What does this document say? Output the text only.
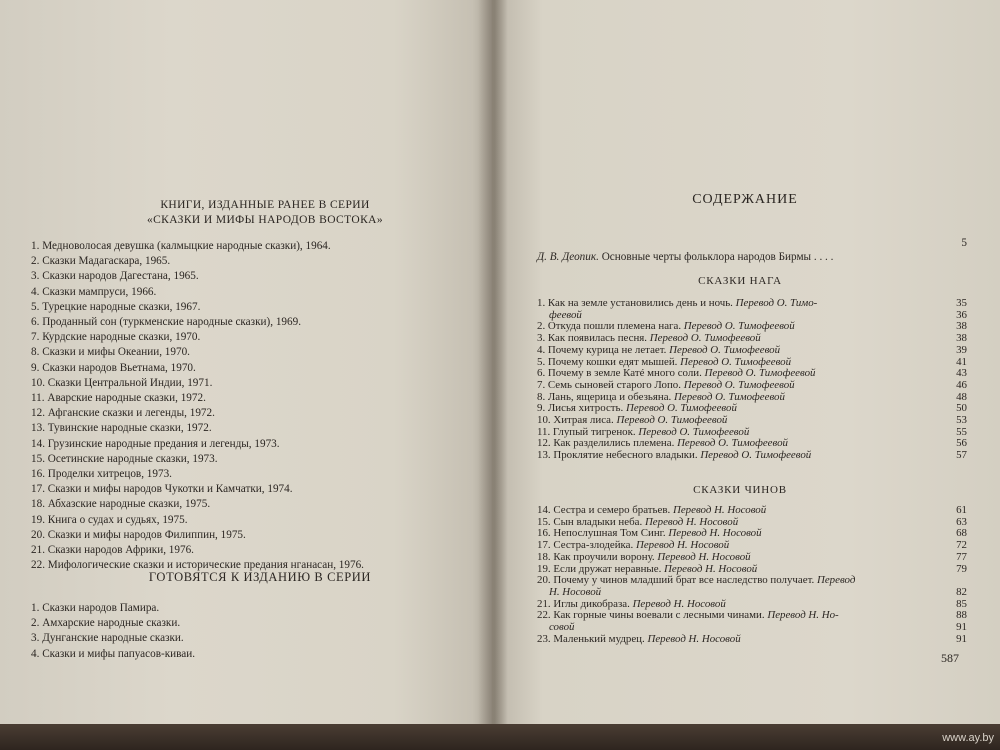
КНИГИ, ИЗДАННЫЕ РАНЕЕ В СЕРИИ
«СКАЗКИ И МИФЫ НАРОДОВ ВОСТОКА»
1. Медноволосая девушка (калмыцкие народные сказки), 1964.
2. Сказки Мадагаскара, 1965.
3. Сказки народов Дагестана, 1965.
4. Сказки мампруси, 1966.
5. Турецкие народные сказки, 1967.
6. Проданный сон (туркменские народные сказки), 1969.
7. Курдские народные сказки, 1970.
8. Сказки и мифы Океании, 1970.
9. Сказки народов Вьетнама, 1970.
10. Сказки Центральной Индии, 1971.
11. Аварские народные сказки, 1972.
12. Афганские сказки и легенды, 1972.
13. Тувинские народные сказки, 1972.
14. Грузинские народные предания и легенды, 1973.
15. Осетинские народные сказки, 1973.
16. Проделки хитрецов, 1973.
17. Сказки и мифы народов Чукотки и Камчатки, 1974.
18. Абхазские народные сказки, 1975.
19. Книга о судах и судьях, 1975.
20. Сказки и мифы народов Филиппин, 1975.
21. Сказки народов Африки, 1976.
22. Мифологические сказки и исторические предания нганасан, 1976.
ГОТОВЯТСЯ К ИЗДАНИЮ В СЕРИИ
1. Сказки народов Памира.
2. Амхарские народные сказки.
3. Дунганские народные сказки.
4. Сказки и мифы папуасов-киваи.
СОДЕРЖАНИЕ
5
Д. В. Деопик. Основные черты фольклора народов Бирмы . . . .
СКАЗКИ НАГА
1. Как на земле установились день и ночь. Перевод О. Тимо-	35
феевой	36
2. Откуда пошли племена нага. Перевод О. Тимофеевой	38
3. Как появилась песня. Перевод О. Тимофеевой	38
4. Почему курица не летает. Перевод О. Тимофеевой	39
5. Почему кошки едят мышей. Перевод О. Тимофеевой	41
6. Почему в земле Катé много соли. Перевод О. Тимофеевой	43
7. Семь сыновей старого Лопо. Перевод О. Тимофеевой	46
8. Лань, ящерица и обезьяна. Перевод О. Тимофеевой	48
9. Лисья хитрость. Перевод О. Тимофеевой	50
10. Хитрая лиса. Перевод О. Тимофеевой	53
11. Глупый тигренок. Перевод О. Тимофеевой	55
12. Как разделились племена. Перевод О. Тимофеевой	56
13. Проклятие небесного владыки. Перевод О. Тимофеевой	57
СКАЗКИ ЧИНОВ
14. Сестра и семеро братьев. Перевод Н. Носовой	61
15. Сын владыки неба. Перевод Н. Носовой	63
16. Непослушная Том Синг. Перевод Н. Носовой	68
17. Сестра-злодейка. Перевод Н. Носовой	72
18. Как проучили ворону. Перевод Н. Носовой	77
19. Если дружат неравные. Перевод Н. Носовой	79
20. Почему у чинов младший брат все наследство получает. Перевод
Н. Носовой	82
21. Иглы дикобраза. Перевод Н. Носовой	85
22. Как горные чины воевали с лесными чинами. Перевод Н. Но-	88
совой	91
23. Маленький мудрец. Перевод Н. Носовой	91
587
www.ay.by
